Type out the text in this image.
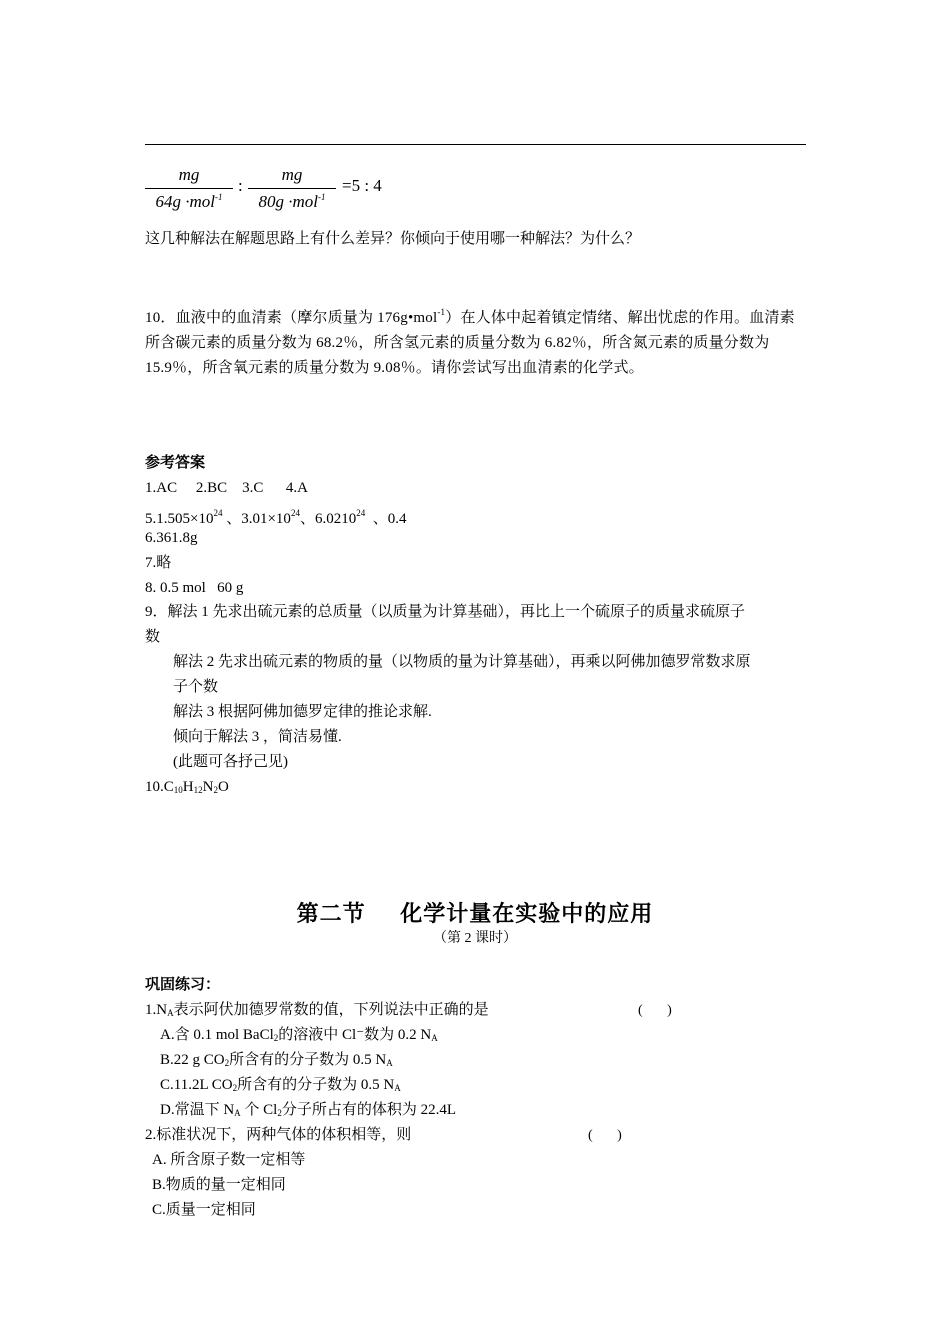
mg
64g ·mol$^{-1}$
:
mg
80g ·mol$^{-1}$
=5 : 4
这几种解法在解题思路上有什么差异？你倾向于使用哪一种解法？为什么？
10．血液中的血清素（摩尔质量为 176g•mol$^{-1}$）在人体中起着镇定情绪、解出忧虑的作用。血清素所含碳元素的质量分数为 68.2％，所含氢元素的质量分数为 6.82％，所含氮元素的质量分数为 15.9％，所含氧元素的质量分数为 9.08％。请你尝试写出血清素的化学式。
参考答案
1.AC     2.BC    3.C      4.A
$5.1.505\times 10^{24}$ 、$3.01\times 10^{24}$、6.0210$^{24}$  、0.4
6.361.8g
7.略
8. 0.5 mol   60 g
9．解法 1 先求出硫元素的总质量（以质量为计算基础），再比上一个硫原子的质量求硫原子
数
解法 2 先求出硫元素的物质的量（以物质的量为计算基础），再乘以阿佛加德罗常数求原
子个数
解法 3 根据阿佛加德罗定律的推论求解.
倾向于解法 3 ，简洁易懂.
(此题可各抒己见)
$10.C_{10}H_{12}N_2O$
第二节    化学计量在实验中的应用
（第 2 课时）
巩固练习：
$1.N_A$表示阿伏加德罗常数的值，下列说法中正确的是	(       )
A.含 0.1 mol BaCl$_2$的溶液中 Cl⁻数为 0.2 $N_A$
B.22 g $CO_2$所含有的分子数为 0.5 $N_A$
C.11.2L $CO_2$所含有的分子数为 0.5 $N_A$
D.常温下 $N_A$ 个 $Cl_2$分子所占有的体积为 22.4L
2.标准状况下，两种气体的体积相等，则	(       )
A. 所含原子数一定相等
B.物质的量一定相同
C.质量一定相同
